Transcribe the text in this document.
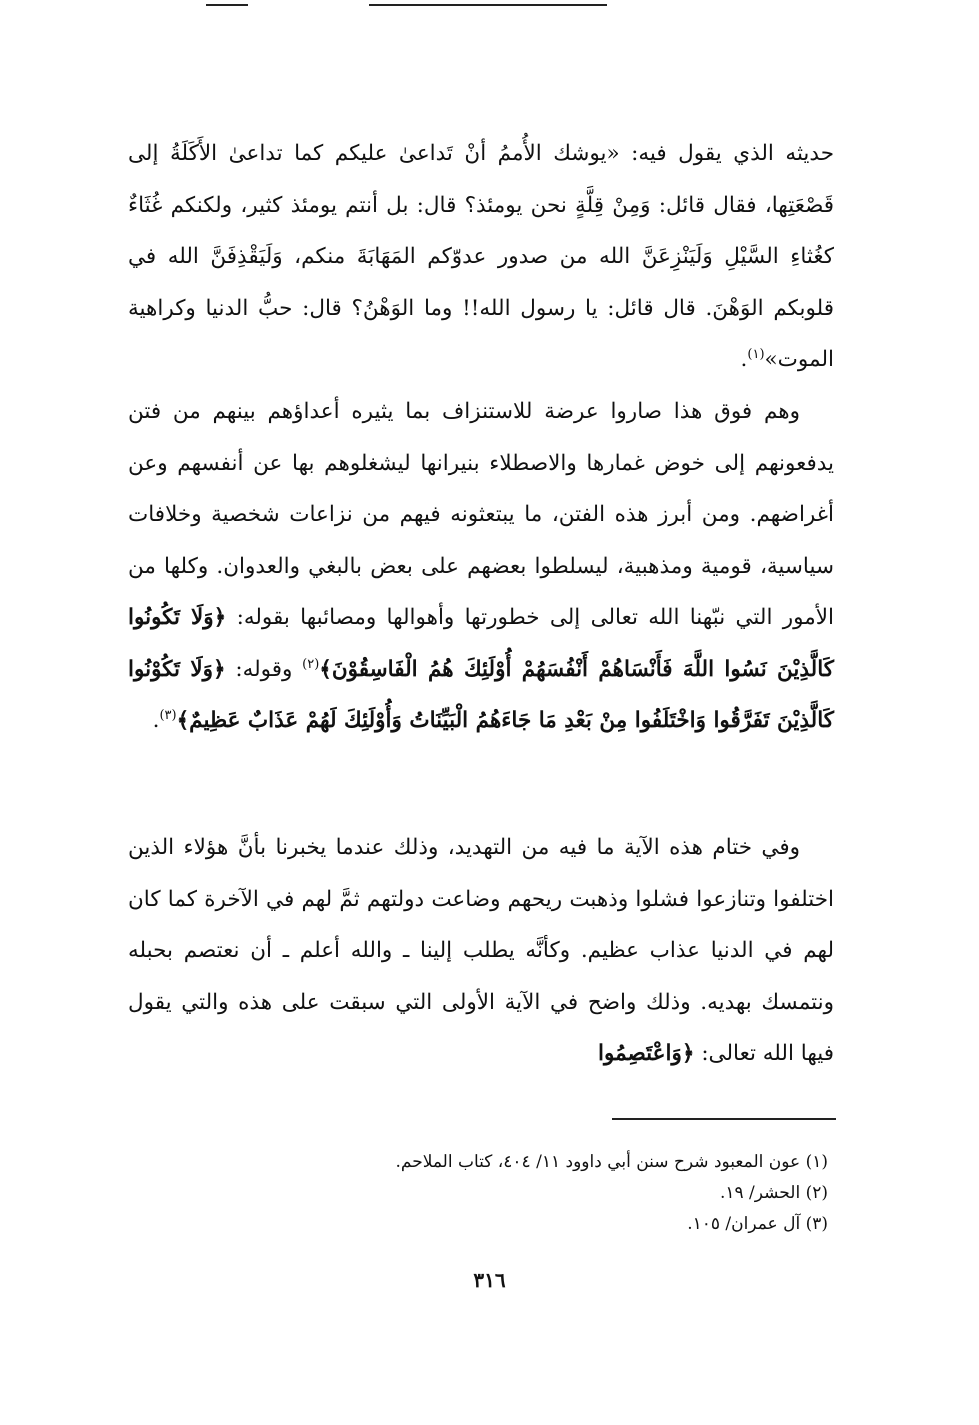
حديثه الذي يقول فيه: «يوشك الأُممُ أنْ تَداعىٰ عليكم كما تداعىٰ الأَكَلَةُ إلى قَصْعَتِها، فقال قائل: وَمِنْ قِلَّةٍ نحن يومئذ؟ قال: بل أنتم يومئذ كثير، ولكنكم غُثَاءٌ كغُثاءِ السَّيْلِ وَلَيَنْزِعَنَّ الله من صدور عدوّكم المَهَابَةَ منكم، وَلَيَقْذِفَنَّ الله في قلوبكم الوَهْنَ. قال قائل: يا رسول الله!! وما الوَهْنُ؟ قال: حبُّ الدنيا وكراهية الموت»$^{(١)}$.

وهم فوق هذا صاروا عرضة للاستنزاف بما يثيره أعداؤهم بينهم من فتن يدفعونهم إلى خوض غمارها والاصطلاء بنيرانها ليشغلوهم بها عن أنفسهم وعن أغراضهم. ومن أبرز هذه الفتن، ما يبتعثونه فيهم من نزاعات شخصية وخلافات سياسية، قومية ومذهبية، ليسلطوا بعضهم على بعض بالبغي والعدوان. وكلها من الأمور التي نبّهنا الله تعالى إلى خطورتها وأهوالها ومصائبها بقوله: ﴿وَلَا تَكُونُوا كَالَّذِيْنَ نَسُوا اللَّهَ فَأَنْسَاهُمْ أَنْفُسَهُمْ أُوْلَئِكَ هُمُ الْفَاسِقُوْنَ﴾$^{(٢)}$ وقوله: ﴿وَلَا تَكُوْنُوا كَالَّذِيْنَ تَفَرَّقُوا وَاخْتَلَفُوا مِنْ بَعْدِ مَا جَاءَهُمُ الْبَيِّنَاتُ وَأُوْلَئِكَ لَهُمْ عَذَابٌ عَظِيمٌ﴾$^{(٣)}$.

وفي ختام هذه الآية ما فيه من التهديد، وذلك عندما يخبرنا بأنَّ هؤلاء الذين اختلفوا وتنازعوا فشلوا وذهبت ريحهم وضاعت دولتهم ثمَّ لهم في الآخرة كما كان لهم في الدنيا عذاب عظيم. وكأنَّه يطلب إلينا ـ والله أعلم ـ أن نعتصم بحبله ونتمسك بهديه. وذلك واضح في الآية الأولى التي سبقت على هذه والتي يقول فيها الله تعالى: ﴿وَاعْتَصِمُوا

(١) عون المعبود شرح سنن أبي داوود ١١/ ٤٠٤، كتاب الملاحم.
(٢) الحشر/ ١٩.
(٣) آل عمران/ ١٠٥.
٣١٦
